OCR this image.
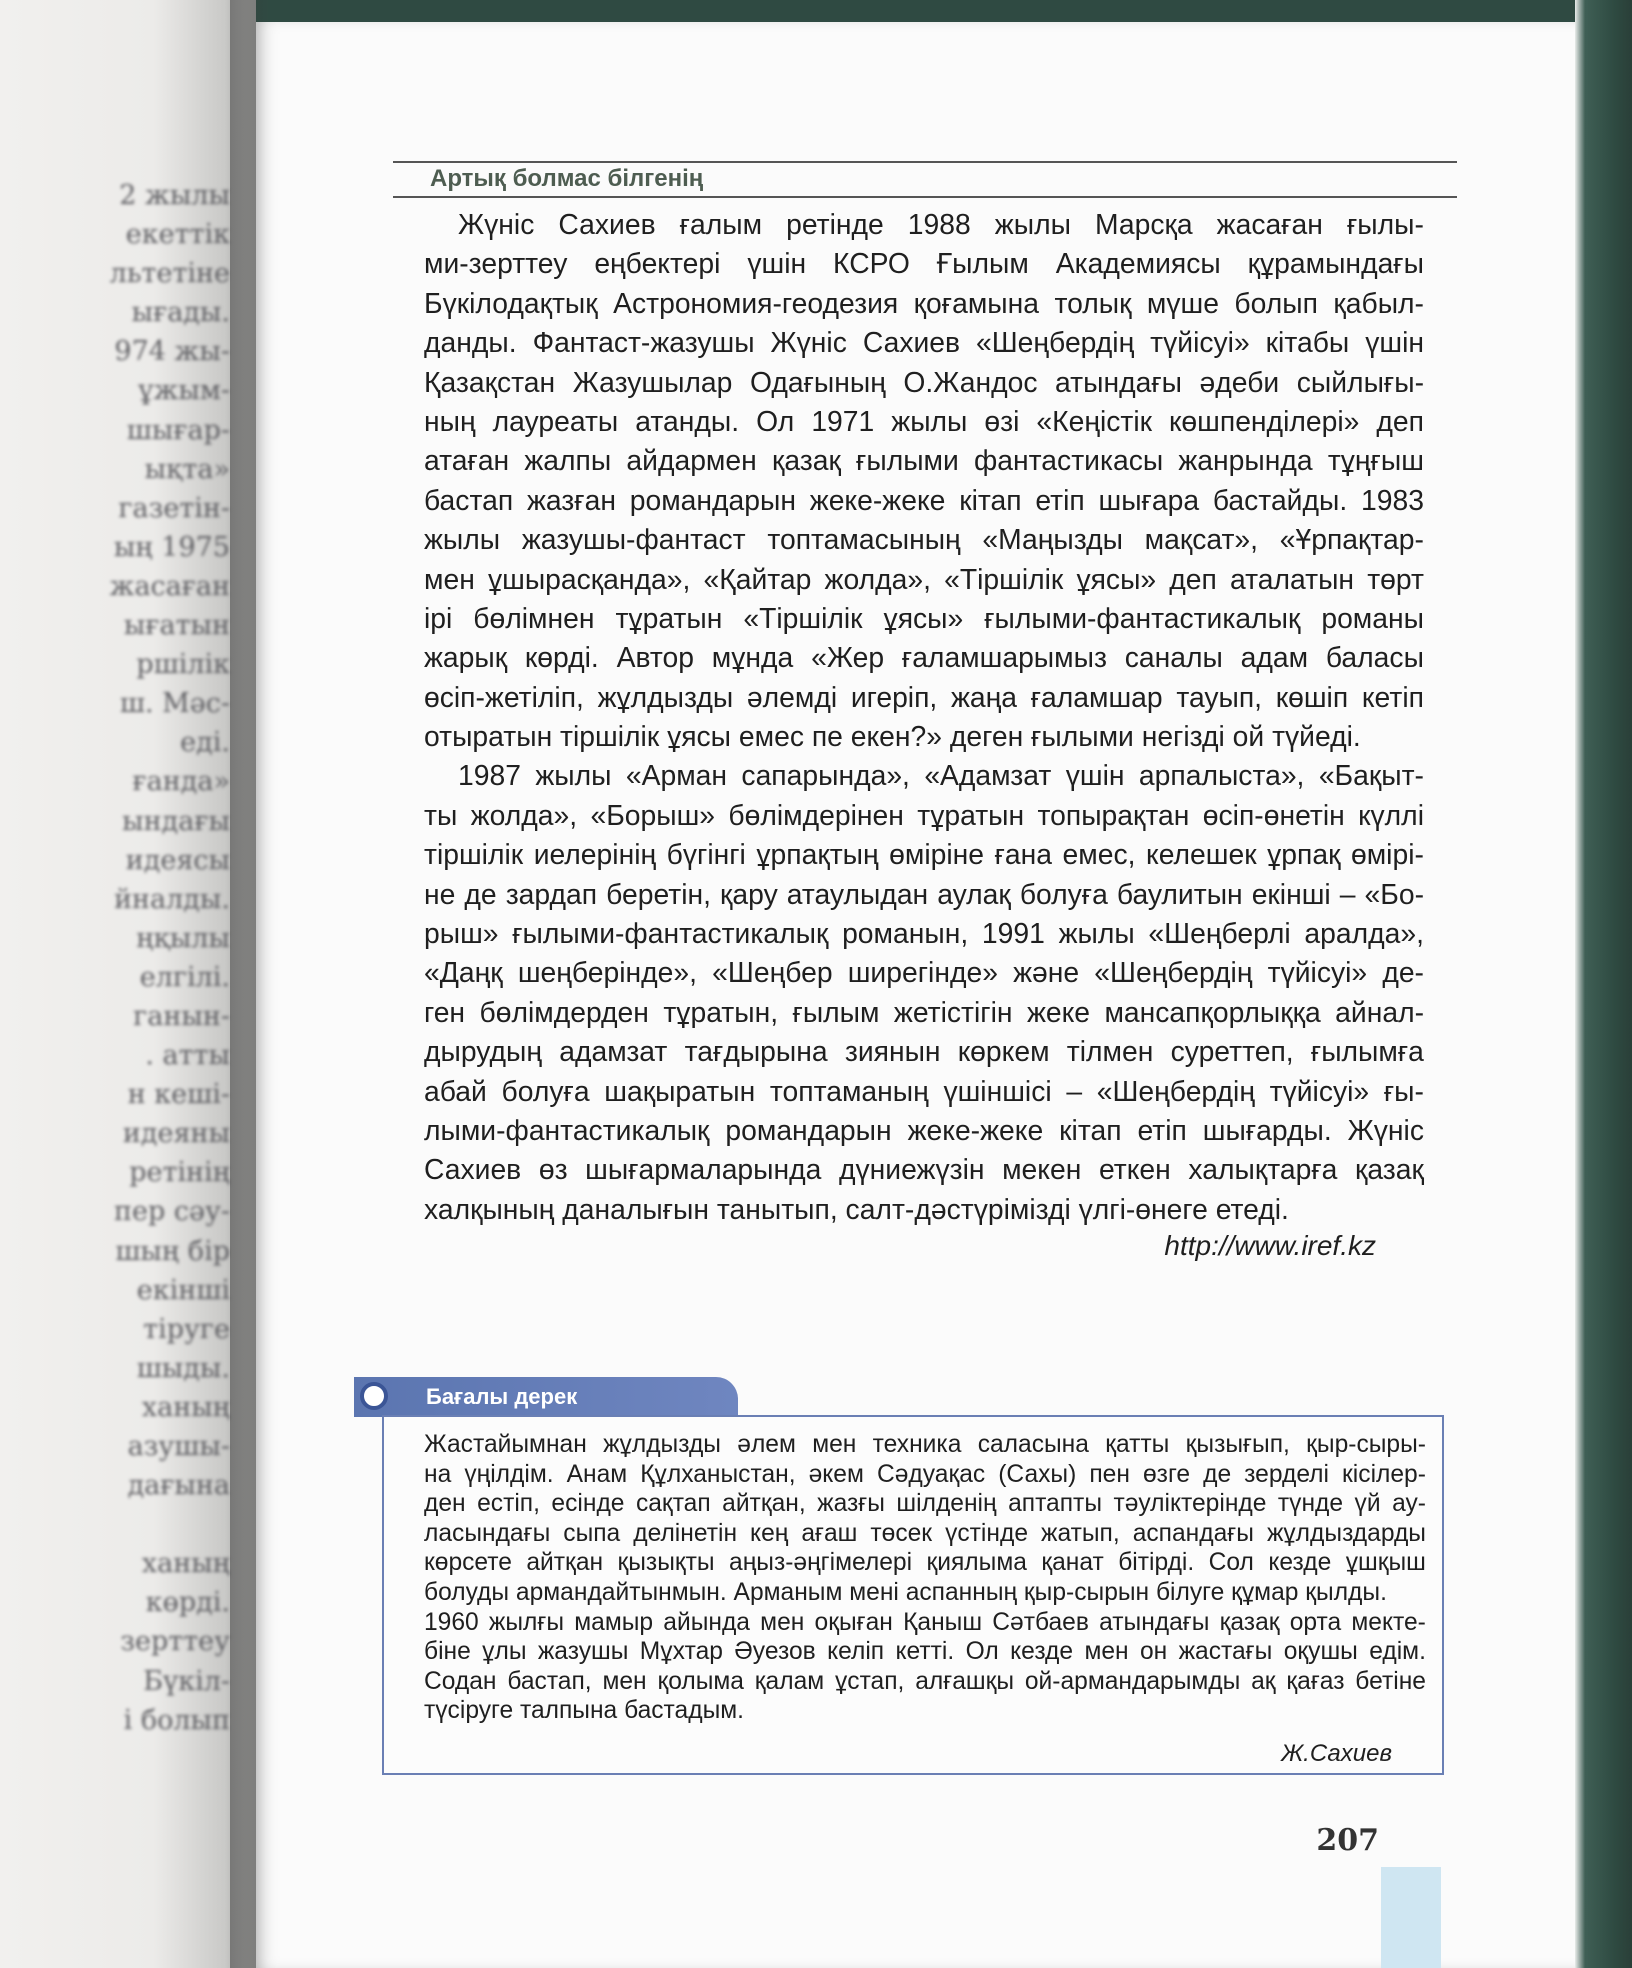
2 жылы
екеттік
льтетіне
ығады.
974 жы-
ұжым-
шығар-
ықта»
газетін-
ың 1975
жасаған
ығатын
ршілік
ш. Мәс-
еді.
ғанда»
ындағы
идеясы
йналды.
ңқылы
елгілі.
ганын-
. атты
н кеші-
идеяны
ретінің
пер сәу-
шың бір
екінші
тіруге
шыды.
ханың
азушы-
дағына
ханың
көрді.
зерттеу
Бүкіл-
і болып
Артық болмас білгенің
Жүніс Сахиев ғалым ретінде 1988 жылы Марсқа жасаған ғылы-
ми-зерттеу еңбектері үшін КСРО Ғылым Академиясы құрамындағы
Бүкілодақтық Астрономия-геодезия қоғамына толық мүше болып қабыл-
данды. Фантаст-жазушы Жүніс Сахиев «Шеңбердің түйісуі» кітабы үшін
Қазақстан Жазушылар Одағының О.Жандос атындағы әдеби сыйлығы-
ның лауреаты атанды. Ол 1971 жылы өзі «Кеңістік көшпенділері» деп
атаған жалпы айдармен қазақ ғылыми фантастикасы жанрында тұңғыш
бастап жазған романдарын жеке-жеке кітап етіп шығара бастайды. 1983
жылы жазушы-фантаст топтамасының «Маңызды мақсат», «Ұрпақтар-
мен ұшырасқанда», «Қайтар жолда», «Тіршілік ұясы» деп аталатын төрт
ірі бөлімнен тұратын «Тіршілік ұясы» ғылыми-фантастикалық романы
жарық көрді. Автор мұнда «Жер ғаламшарымыз саналы адам баласы
өсіп-жетіліп, жұлдызды әлемді игеріп, жаңа ғаламшар тауып, көшіп кетіп
отыратын тіршілік ұясы емес пе екен?» деген ғылыми негізді ой түйеді.
1987 жылы «Арман сапарында», «Адамзат үшін арпалыста», «Бақыт-
ты жолда», «Борыш» бөлімдерінен тұратын топырақтан өсіп-өнетін күллі
тіршілік иелерінің бүгінгі ұрпақтың өміріне ғана емес, келешек ұрпақ өмірі-
не де зардап беретін, қару атаулыдан аулақ болуға баулитын екінші – «Бо-
рыш» ғылыми-фантастикалық романын, 1991 жылы «Шеңберлі аралда»,
«Даңқ шеңберінде», «Шеңбер ширегінде» және «Шеңбердің түйісуі» де-
ген бөлімдерден тұратын, ғылым жетістігін жеке мансапқорлыққа айнал-
дырудың адамзат тағдырына зиянын көркем тілмен суреттеп, ғылымға
абай болуға шақыратын топтаманың үшіншісі – «Шеңбердің түйісуі» ғы-
лыми-фантастикалық романдарын жеке-жеке кітап етіп шығарды. Жүніс
Сахиев өз шығармаларында дүниежүзін мекен еткен халықтарға қазақ
халқының даналығын танытып, салт-дәстүрімізді үлгі-өнеге етеді.
http://www.iref.kz
Бағалы дерек
Жастайымнан жұлдызды әлем мен техника саласына қатты қызығып, қыр-сыры-
на үңілдім. Анам Құлханыстан, әкем Сәдуақас (Сахы) пен өзге де зерделі кісілер-
ден естіп, есінде сақтап айтқан, жазғы шілденің аптапты тәуліктерінде түнде үй ау-
ласындағы сыпа делінетін кең ағаш төсек үстінде жатып, аспандағы жұлдыздарды
көрсете айтқан қызықты аңыз-әңгімелері қиялыма қанат бітірді. Сол кезде ұшқыш
болуды армандайтынмын. Арманым мені аспанның қыр-сырын білуге құмар қылды.
1960 жылғы мамыр айында мен оқыған Қаныш Сәтбаев атындағы қазақ орта мекте-
біне ұлы жазушы Мұхтар Әуезов келіп кетті. Ол кезде мен он жастағы оқушы едім.
Содан бастап, мен қолыма қалам ұстап, алғашқы ой-армандарымды ақ қағаз бетіне
түсіруге талпына бастадым.
Ж.Сахиев
207
